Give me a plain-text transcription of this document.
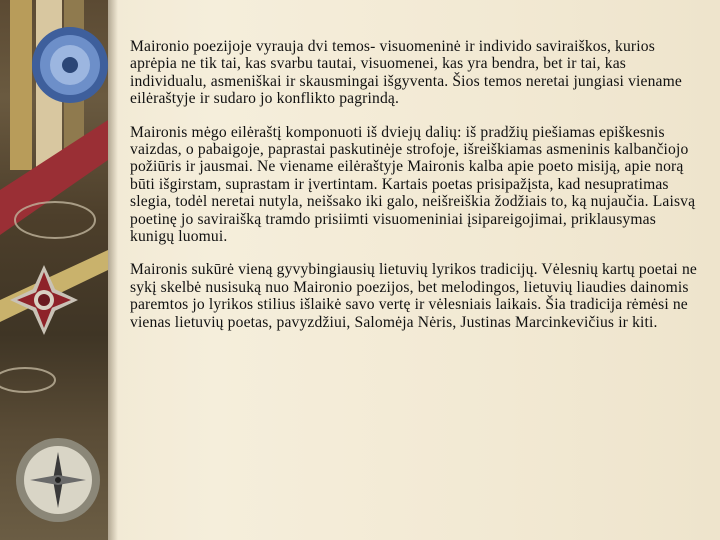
Maironio poezijoje vyrauja dvi temos- visuomeninė ir individo saviraiškos, kurios aprėpia ne tik tai, kas svarbu tautai, visuomenei, kas yra bendra, bet ir tai, kas individualu, asmeniškai ir skausmingai išgyventa. Šios temos neretai jungiasi viename eilėraštyje ir sudaro jo konflikto pagrindą.

Maironis mėgo eilėraštį komponuoti iš dviejų dalių: iš pradžių piešiamas epiškesnis vaizdas, o pabaigoje, paprastai paskutinėje strofoje, išreiškiamas asmeninis kalbančiojo požiūris ir jausmai. Ne viename eilėraštyje Maironis kalba apie poeto misiją, apie norą būti išgirstam, suprastam ir įvertintam. Kartais poetas prisipažįsta, kad nesupratimas slegia, todėl neretai nutyla, neišsako iki galo, neišreiškia žodžiais to, ką nujaučia. Laisvą poetinę jo saviraišką tramdo prisiimti visuomeniniai įsipareigojimai, priklausymas kunigų luomui.

Maironis sukūrė vieną gyvybingiausių lietuvių lyrikos tradicijų. Vėlesnių kartų poetai ne sykį skelbė nusisuką nuo Maironio poezijos, bet melodingos, lietuvių liaudies dainomis paremtos jo lyrikos stilius išlaikė savo vertę ir vėlesniais laikais. Šia tradicija rėmėsi ne vienas lietuvių poetas, pavyzdžiui, Salomėja Nėris, Justinas Marcinkevičius ir kiti.
